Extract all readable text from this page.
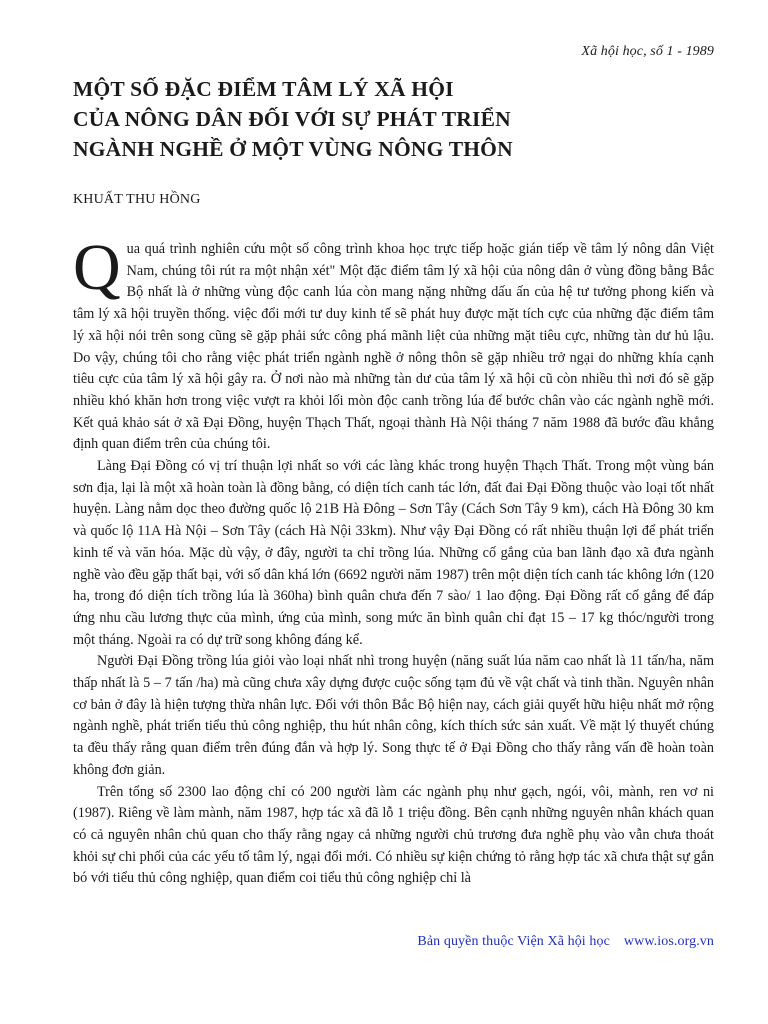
Xã hội học, số 1 - 1989
MỘT SỐ ĐẶC ĐIỂM TÂM LÝ XÃ HỘI
CỦA NÔNG DÂN ĐỐI VỚI SỰ PHÁT TRIỂN
NGÀNH NGHỀ Ở MỘT VÙNG NÔNG THÔN
KHUẤT THU HỒNG

Qua quá trình nghiên cứu một số công trình khoa học trực tiếp hoặc gián tiếp về tâm lý nông dân Việt Nam, chúng tôi rút ra một nhận xét" Một đặc điểm tâm lý xã hội của nông dân ở vùng đồng bằng Bắc Bộ nhất là ở những vùng độc canh lúa còn mang nặng những dấu ấn của hệ tư tưởng phong kiến và tâm lý xã hội truyền thống. việc đổi mới tư duy kinh tế sẽ phát huy được mặt tích cực của những đặc điểm tâm lý xã hội nói trên song cũng sẽ gặp phải sức công phá mãnh liệt của những mặt tiêu cực, những tàn dư hủ lậu. Do vậy, chúng tôi cho rằng việc phát triển ngành nghề ở nông thôn sẽ gặp nhiều trở ngại do những khía cạnh tiêu cực của tâm lý xã hội gây ra. Ở nơi nào mà những tàn dư của tâm lý xã hội cũ còn nhiều thì nơi đó sẽ gặp nhiều khó khăn hơn trong việc vượt ra khỏi lối mòn độc canh trồng lúa để bước chân vào các ngành nghề mới. Kết quả khảo sát ở xã Đại Đồng, huyện Thạch Thất, ngoại thành Hà Nội tháng 7 năm 1988 đã bước đầu khẳng định quan điểm trên của chúng tôi.

Làng Đại Đồng có vị trí thuận lợi nhất so với các làng khác trong huyện Thạch Thất. Trong một vùng bán sơn địa, lại là một xã hoàn toàn là đồng bằng, có diện tích canh tác lớn, đất đai Đại Đồng thuộc vào loại tốt nhất huyện. Làng nằm dọc theo đường quốc lộ 21B Hà Đông – Sơn Tây (Cách Sơn Tây 9 km), cách Hà Đông 30 km và quốc lộ 11A Hà Nội – Sơn Tây (cách Hà Nội 33km). Như vậy Đại Đồng có rất nhiều thuận lợi để phát triển kinh tế và văn hóa. Mặc dù vậy, ở đây, người ta chỉ trồng lúa. Những cố gắng của ban lãnh đạo xã đưa ngành nghề vào đều gặp thất bại, với số dân khá lớn (6692 người năm 1987) trên một diện tích canh tác không lớn (120 ha, trong đó diện tích trồng lúa là 360ha) bình quân chưa đến 7 sào/ 1 lao động. Đại Đồng rất cố gắng để đáp ứng nhu cầu lương thực của mình, ứng của mình, song mức ăn bình quân chỉ đạt 15 – 17 kg thóc/người trong một tháng. Ngoài ra có dự trữ song không đáng kể.

Người Đại Đồng trồng lúa giỏi vào loại nhất nhì trong huyện (năng suất lúa năm cao nhất là 11 tấn/ha, năm thấp nhất là 5 – 7 tấn /ha) mà cũng chưa xây dựng được cuộc sống tạm đủ về vật chất và tinh thần. Nguyên nhân cơ bản ở đây là hiện tượng thừa nhân lực. Đối với thôn Bắc Bộ hiện nay, cách giải quyết hữu hiệu nhất mở rộng ngành nghề, phát triển tiểu thủ công nghiệp, thu hút nhân công, kích thích sức sản xuất. Về mặt lý thuyết chúng ta đều thấy rằng quan điểm trên đúng đắn và hợp lý. Song thực tế ở Đại Đồng cho thấy rằng vấn đề hoàn toàn không đơn giản.

Trên tổng số 2300 lao động chỉ có 200 người làm các ngành phụ như gạch, ngói, vôi, mành, ren vơ ni (1987). Riêng về làm mành, năm 1987, hợp tác xã đã lỗ 1 triệu đồng. Bên cạnh những nguyên nhân khách quan có cả nguyên nhân chủ quan cho thấy rằng ngay cả những người chủ trương đưa nghề phụ vào vẫn chưa thoát khỏi sự chi phối của các yếu tố tâm lý, ngại đổi mới. Có nhiều sự kiện chứng tỏ rằng hợp tác xã chưa thật sự gắn bó với tiểu thủ công nghiệp, quan điểm coi tiểu thủ công nghiệp chỉ là

Bản quyền thuộc Viện Xã hội học www.ios.org.vn
